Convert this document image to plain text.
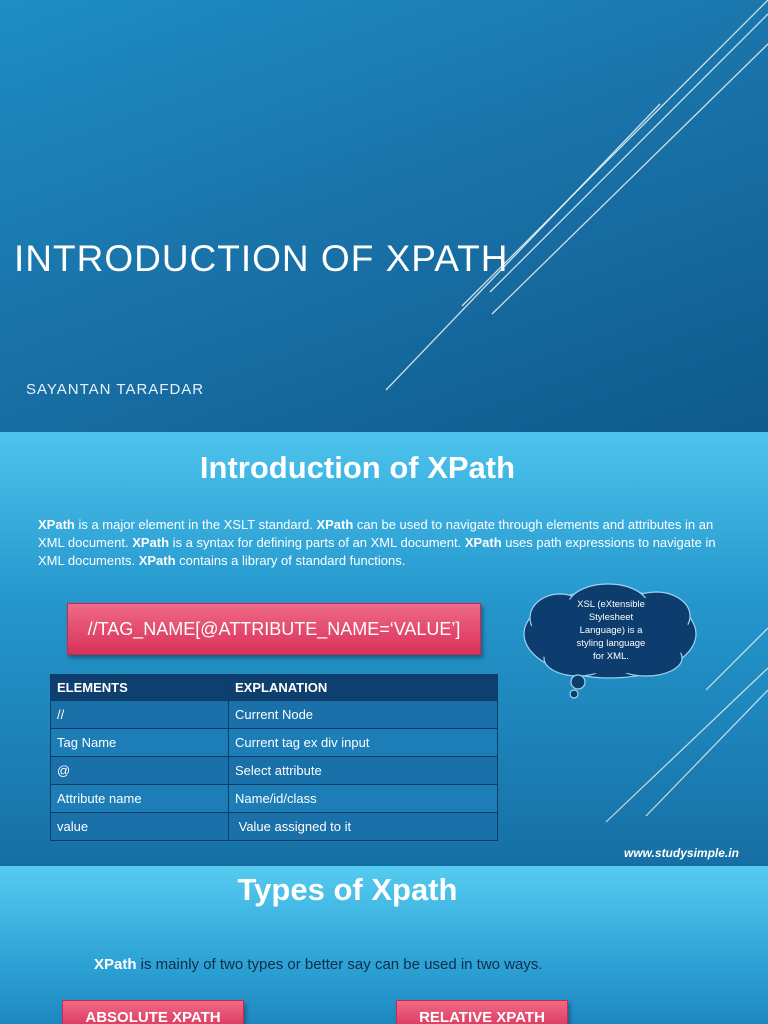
INTRODUCTION OF XPATH
SAYANTAN TARAFDAR
Introduction of XPath

XPath is a major element in the XSLT standard. XPath can be used to navigate through elements and attributes in an XML document. XPath is a syntax for defining parts of an XML document. XPath uses path expressions to navigate in XML documents. XPath contains a library of standard functions.

//TAG_NAME[@ATTRIBUTE_NAME=‘VALUE’]
XSL (eXtensible
Stylesheet
Language) is a
styling language
for XML.
ELEMENTS	EXPLANATION
//	Current Node
Tag Name	Current tag ex div input
@	Select attribute
Attribute name	Name/id/class
value	Value assigned to it
www.studysimple.in
Types of Xpath
XPath is mainly of two types or better say can be used in two ways.
ABSOLUTE XPATH	RELATIVE XPATH
